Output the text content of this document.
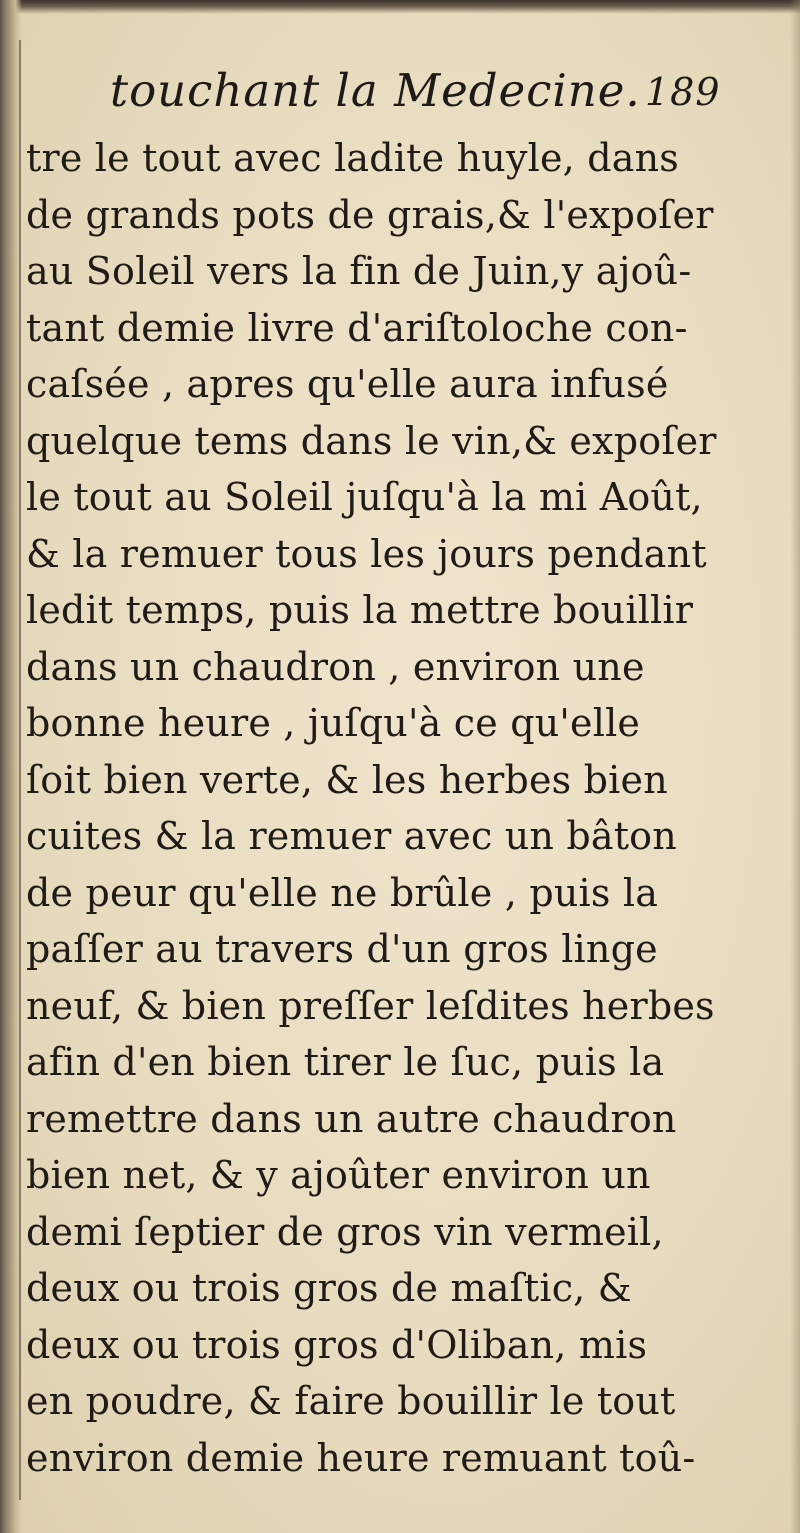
touchant la Medecine. 189
tre le tout avec ladite huyle, dans
de grands pots de grais,& l'expoſer
au Soleil vers la fin de Juin,y ajoû-
tant demie livre d'ariſtoloche con-
caſsée , apres qu'elle aura infusé
quelque tems dans le vin,& expoſer
le tout au Soleil juſqu'à la mi Août,
& la remuer tous les jours pendant
ledit temps, puis la mettre bouillir
dans un chaudron , environ une
bonne heure , juſqu'à ce qu'elle
ſoit bien verte, & les herbes bien
cuites & la remuer avec un bâton
de peur qu'elle ne brûle , puis la
paſſer au travers d'un gros linge
neuf, & bien preſſer leſdites herbes
afin d'en bien tirer le ſuc, puis la
remettre dans un autre chaudron
bien net, & y ajoûter environ un
demi ſeptier de gros vin vermeil,
deux ou trois gros de maſtic, &
deux ou trois gros d'Oliban, mis
en poudre, & faire bouillir le tout
environ demie heure remuant toû-
